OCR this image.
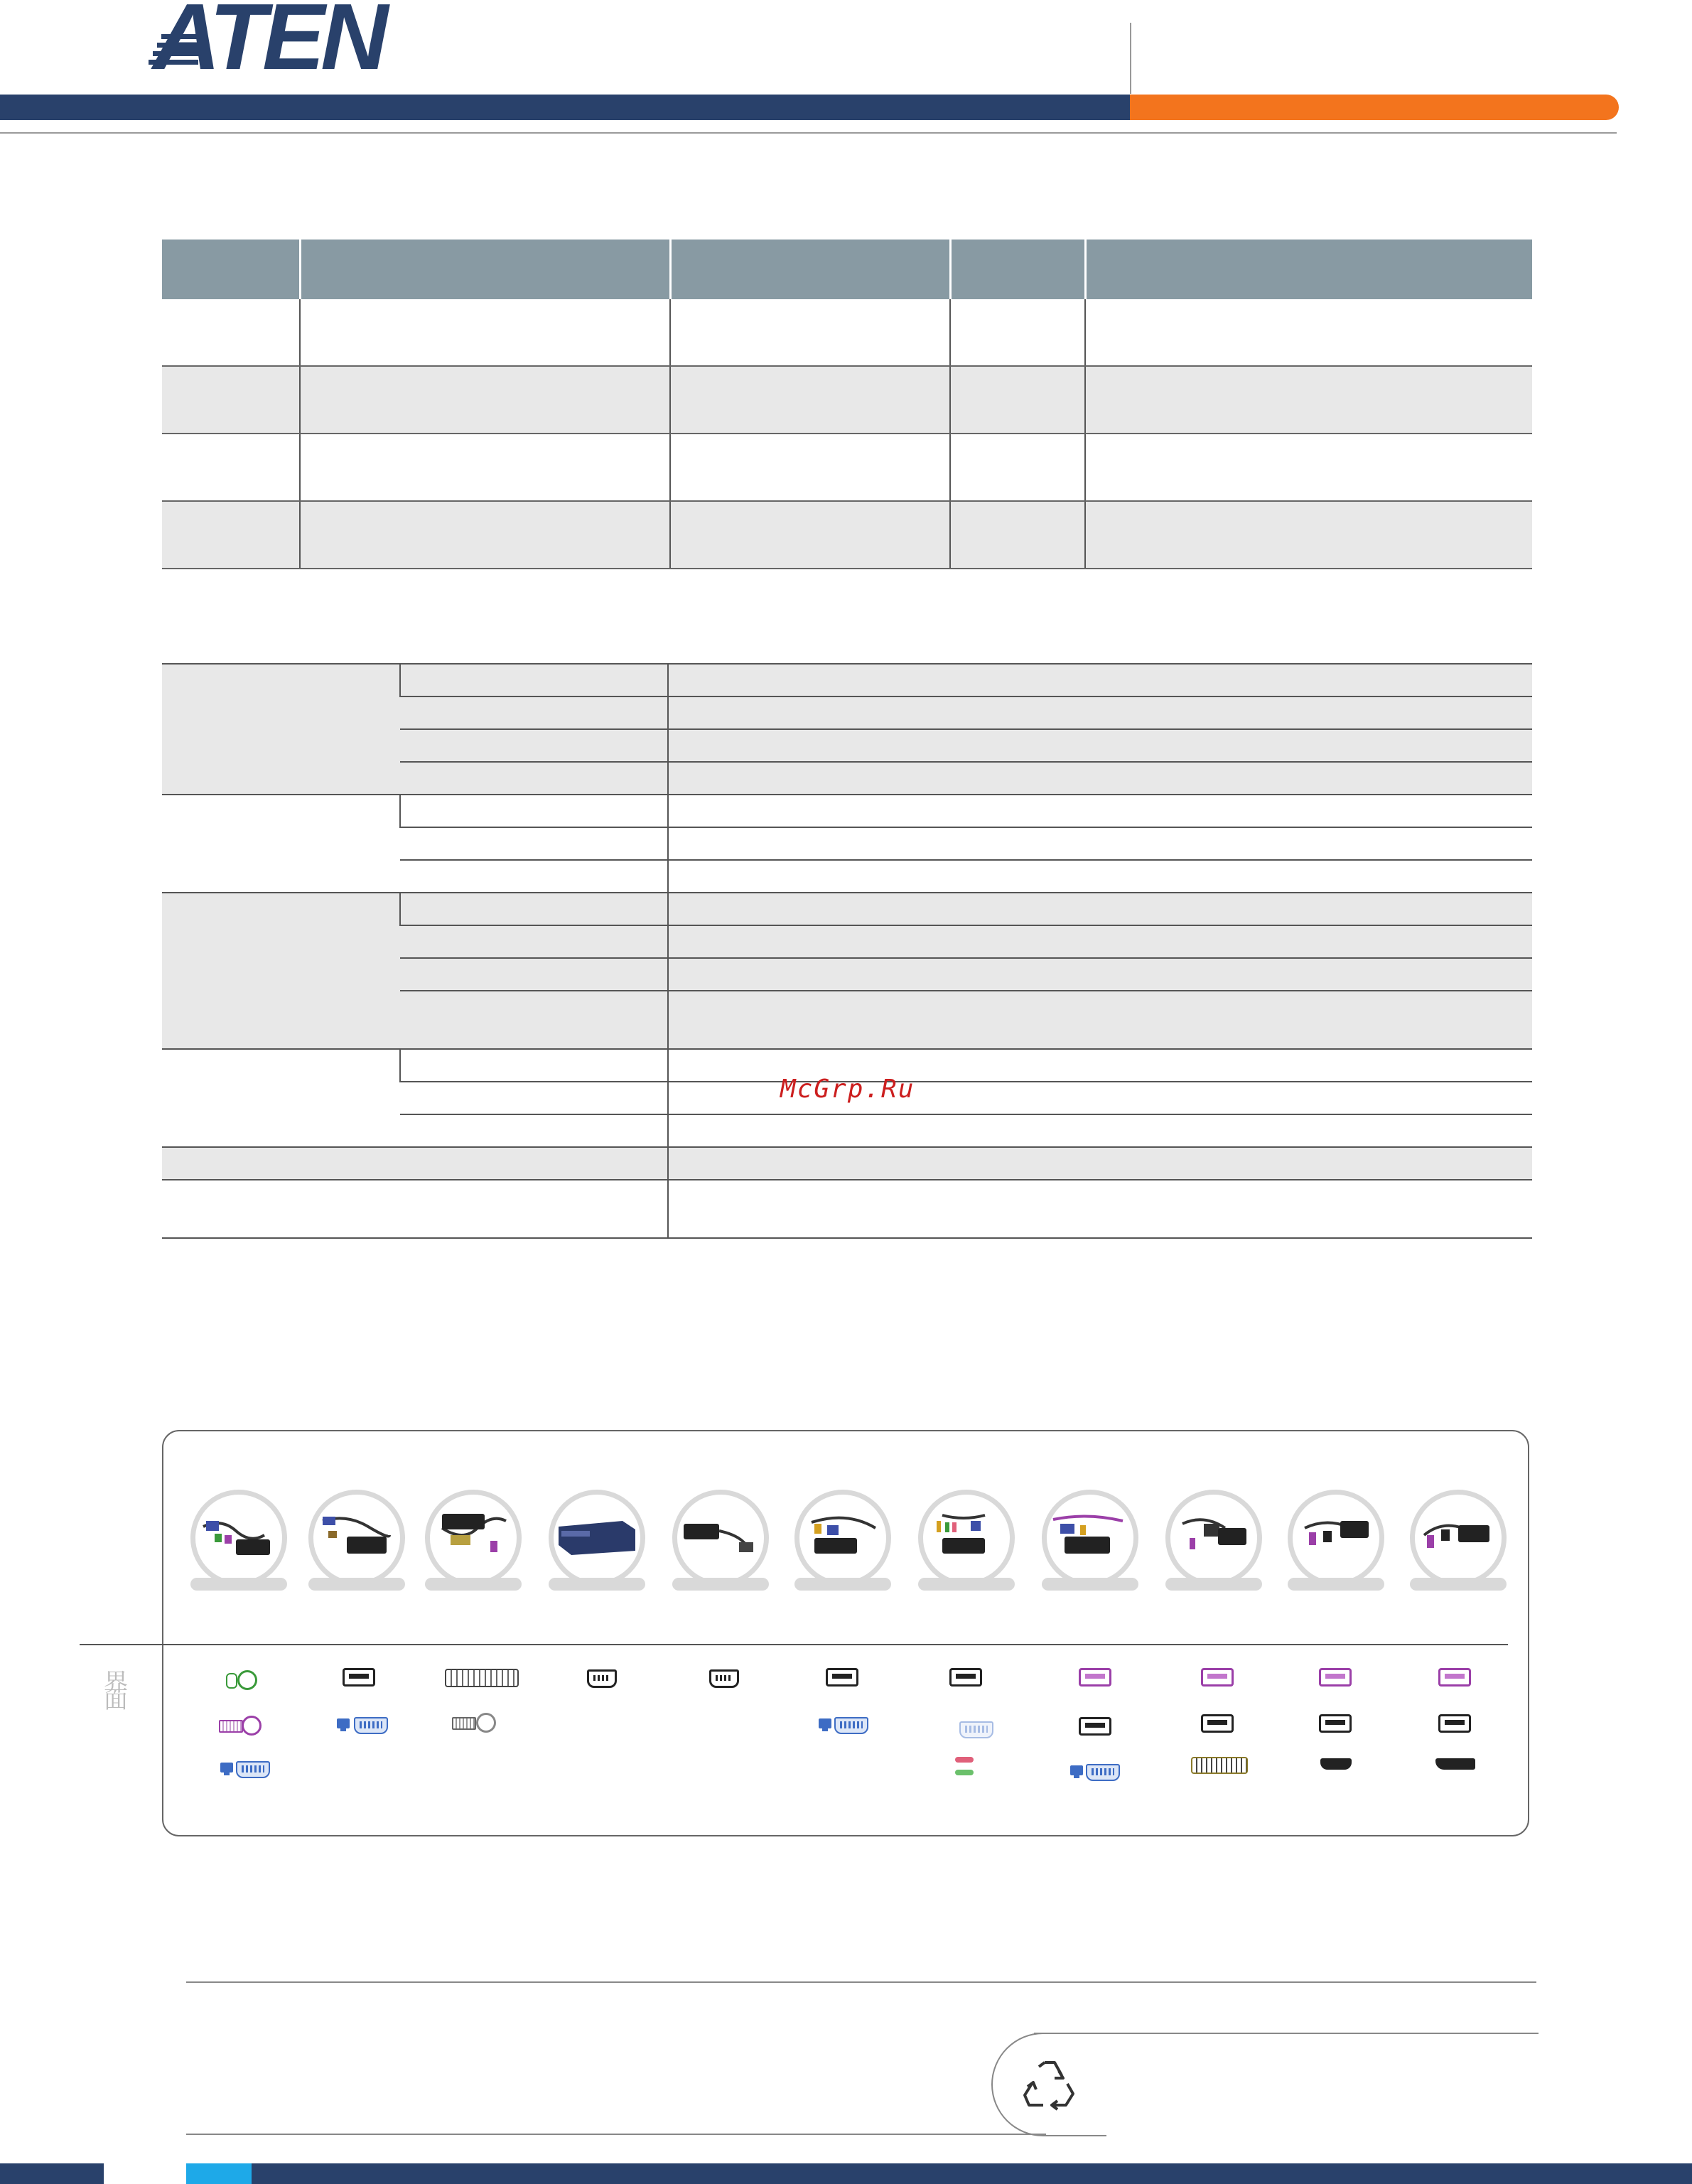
ATEN

McGrp.Ru
界面
